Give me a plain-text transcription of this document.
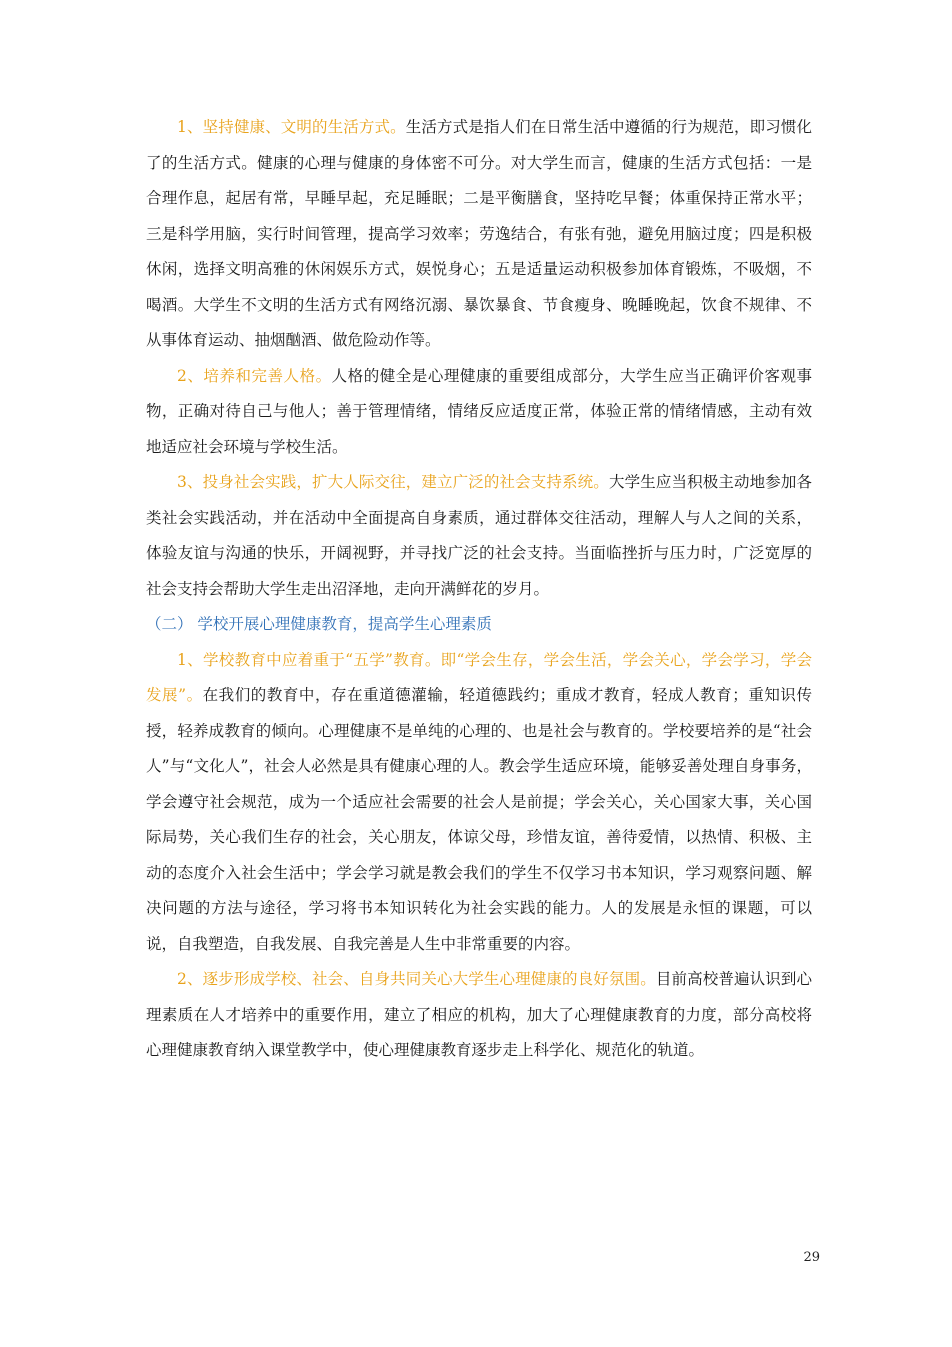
1、坚持健康、文明的生活方式。生活方式是指人们在日常生活中遵循的行为规范，即习惯化了的生活方式。健康的心理与健康的身体密不可分。对大学生而言，健康的生活方式包括：一是合理作息，起居有常，早睡早起，充足睡眠；二是平衡膳食，坚持吃早餐；体重保持正常水平；三是科学用脑，实行时间管理，提高学习效率；劳逸结合，有张有弛，避免用脑过度；四是积极休闲，选择文明高雅的休闲娱乐方式，娱悦身心；五是适量运动积极参加体育锻炼，不吸烟，不喝酒。大学生不文明的生活方式有网络沉溺、暴饮暴食、节食瘦身、晚睡晚起，饮食不规律、不从事体育运动、抽烟酗酒、做危险动作等。

2、培养和完善人格。人格的健全是心理健康的重要组成部分，大学生应当正确评价客观事物，正确对待自己与他人；善于管理情绪，情绪反应适度正常，体验正常的情绪情感，主动有效地适应社会环境与学校生活。

3、投身社会实践，扩大人际交往，建立广泛的社会支持系统。大学生应当积极主动地参加各类社会实践活动，并在活动中全面提高自身素质，通过群体交往活动，理解人与人之间的关系，体验友谊与沟通的快乐，开阔视野，并寻找广泛的社会支持。当面临挫折与压力时，广泛宽厚的社会支持会帮助大学生走出沼泽地，走向开满鲜花的岁月。

（二） 学校开展心理健康教育，提高学生心理素质

1、学校教育中应着重于“五学”教育。即“学会生存，学会生活，学会关心，学会学习，学会发展”。在我们的教育中，存在重道德灌输，轻道德践约；重成才教育，轻成人教育；重知识传授，轻养成教育的倾向。心理健康不是单纯的心理的、也是社会与教育的。学校要培养的是“社会人”与“文化人”，社会人必然是具有健康心理的人。教会学生适应环境，能够妥善处理自身事务，学会遵守社会规范，成为一个适应社会需要的社会人是前提；学会关心，关心国家大事，关心国际局势，关心我们生存的社会，关心朋友，体谅父母，珍惜友谊，善待爱情，以热情、积极、主动的态度介入社会生活中；学会学习就是教会我们的学生不仅学习书本知识，学习观察问题、解决问题的方法与途径，学习将书本知识转化为社会实践的能力。人的发展是永恒的课题，可以说，自我塑造，自我发展、自我完善是人生中非常重要的内容。

2、逐步形成学校、社会、自身共同关心大学生心理健康的良好氛围。目前高校普遍认识到心理素质在人才培养中的重要作用，建立了相应的机构，加大了心理健康教育的力度，部分高校将心理健康教育纳入课堂教学中，使心理健康教育逐步走上科学化、规范化的轨道。

29
